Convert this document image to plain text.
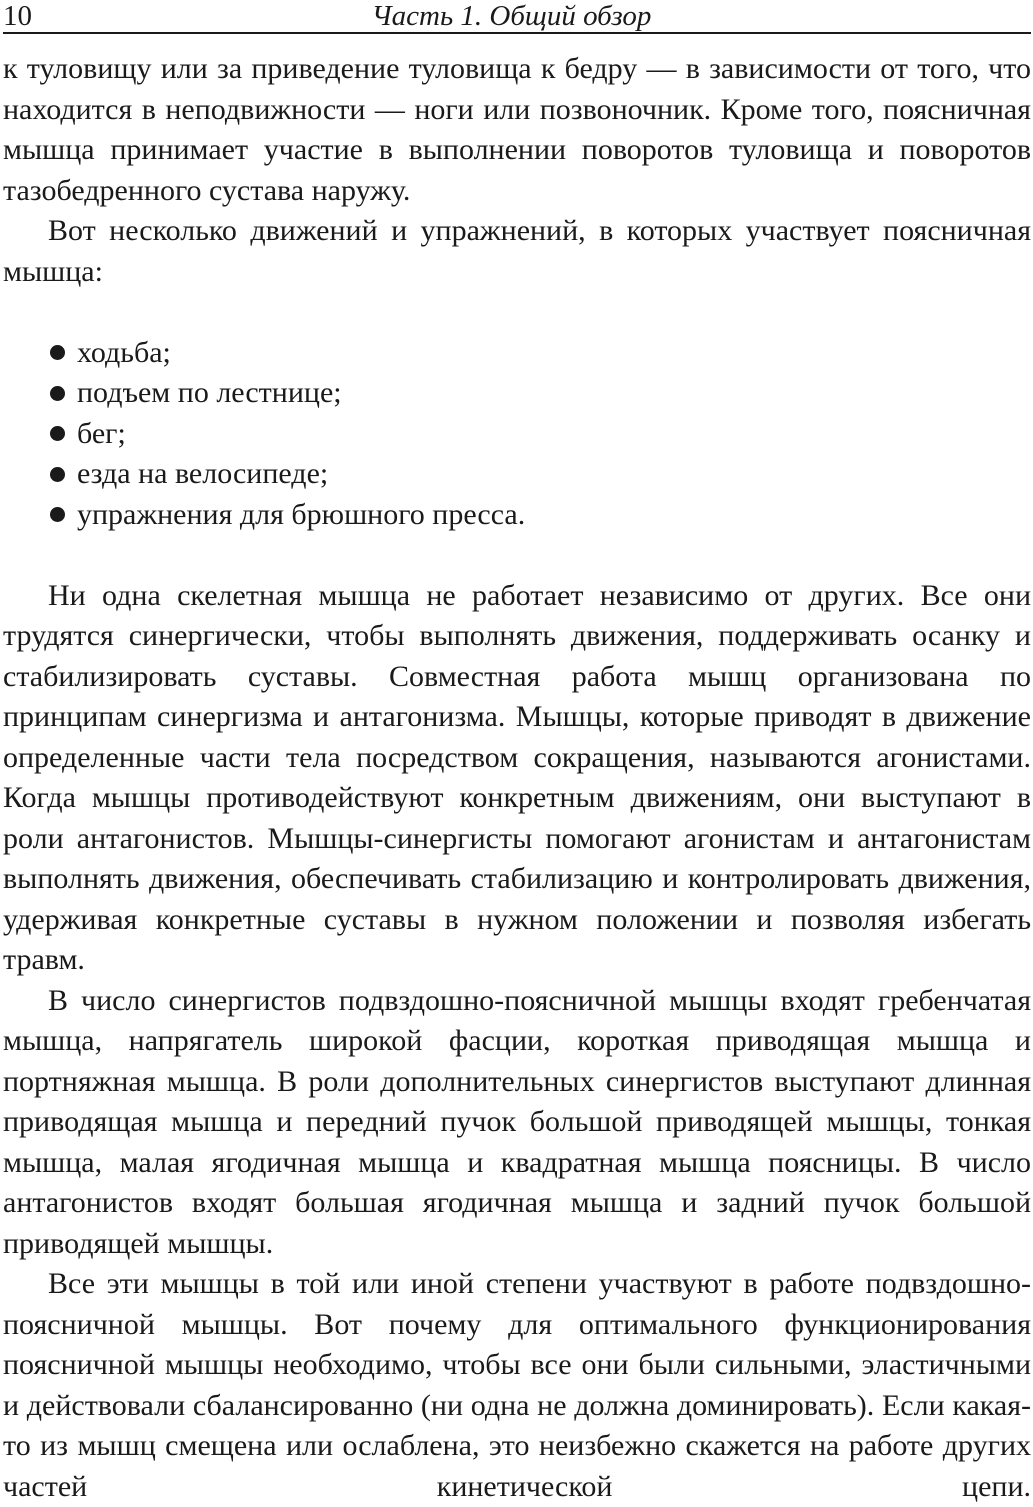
10	Часть 1. Общий обзор

к туловищу или за приведение туловища к бедру — в зависимости от того, что находится в неподвижности — ноги или позвоночник. Кроме того, поясничная мышца принимает участие в выполнении поворотов туловища и поворотов тазобедренного сустава наружу.

Вот несколько движений и упражнений, в которых участвует поясничная мышца:

ходьба;
подъем по лестнице;
бег;
езда на велосипеде;
упражнения для брюшного пресса.

Ни одна скелетная мышца не работает независимо от других. Все они трудятся синергически, чтобы выполнять движения, поддерживать осанку и стабилизировать суставы. Совместная работа мышц организована по принципам синергизма и антагонизма. Мышцы, которые приводят в движение определенные части тела посредством сокращения, называются агонистами. Когда мышцы противодействуют конкретным движениям, они выступают в роли антагонистов. Мышцы-синергисты помогают агонистам и антагонистам выполнять движения, обеспечивать стабилизацию и контролировать движения, удерживая конкретные суставы в нужном положении и позволяя избегать травм.

В число синергистов подвздошно-поясничной мышцы входят гребенчатая мышца, напрягатель широкой фасции, короткая приводящая мышца и портняжная мышца. В роли дополнительных синергистов выступают длинная приводящая мышца и передний пучок большой приводящей мышцы, тонкая мышца, малая ягодичная мышца и квадратная мышца поясницы. В число антагонистов входят большая ягодичная мышца и задний пучок большой приводящей мышцы.

Все эти мышцы в той или иной степени участвуют в работе подвздошно-поясничной мышцы. Вот почему для оптимального функционирования поясничной мышцы необходимо, чтобы все они были сильными, эластичными и действовали сбалансированно (ни одна не должна доминировать). Если какая-то из мышц смещена или ослаблена, это неизбежно скажется на работе других частей кинетической цепи.
